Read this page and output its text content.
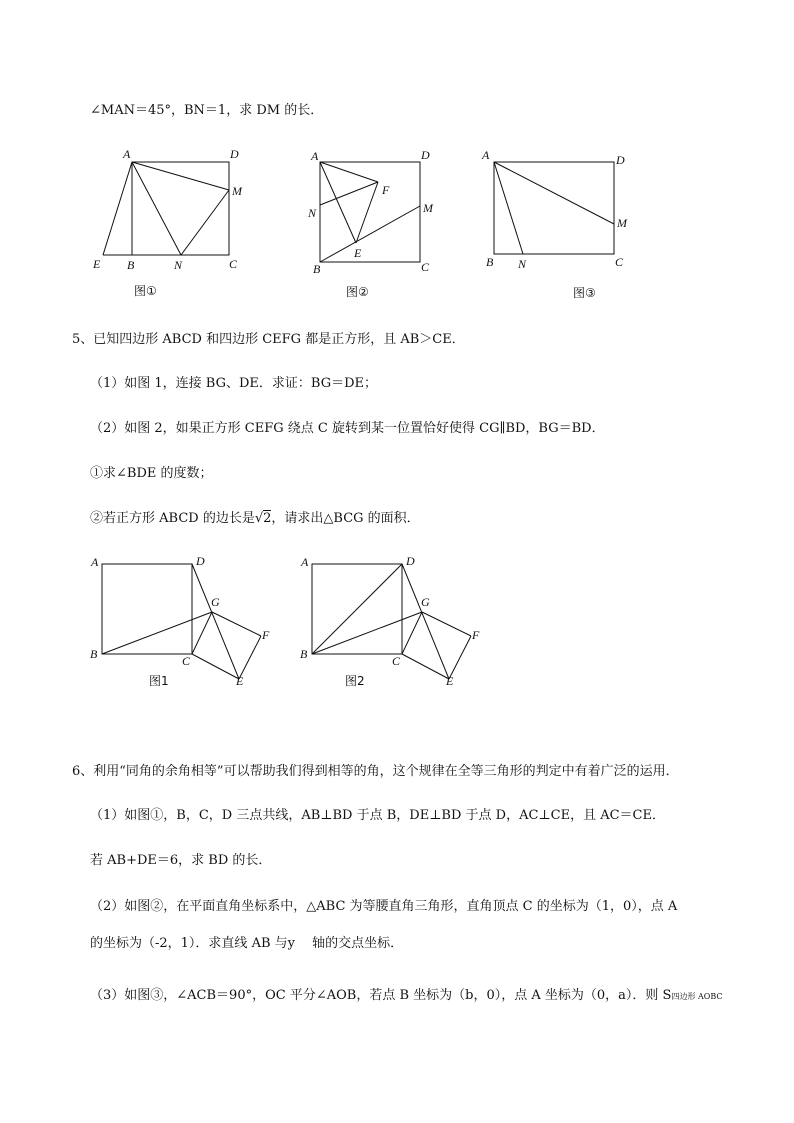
∠MAN＝45°，BN＝1，求 DM 的长．
A	D
M
E B	N	C
图①
A	D
F
M
N
E
B	C
图②
A	D
M
B N	C
图③
5、已知四边形 ABCD 和四边形 CEFG 都是正方形，且 AB＞CE．
（1）如图 1，连接 BG、DE．求证：BG＝DE；
（2）如图 2，如果正方形 CEFG 绕点 C 旋转到某一位置恰好使得 CG∥BD，BG＝BD．
①求∠BDE 的度数；
②若正方形 ABCD 的边长是√2，请求出△BCG 的面积．
A	D
G
F
B	C
E
图1
A	D
G
F
B	C
E
图2
6、利用“同角的余角相等”可以帮助我们得到相等的角，这个规律在全等三角形的判定中有着广泛的运用．
（1）如图①，B，C，D 三点共线，AB⊥BD 于点 B，DE⊥BD 于点 D，AC⊥CE，且 AC＝CE．
若 AB+DE＝6，求 BD 的长．
（2）如图②，在平面直角坐标系中，△ABC 为等腰直角三角形，直角顶点 C 的坐标为（1，0），点 A
的坐标为（-2，1）．求直线 AB 与y　 轴的交点坐标．
（3）如图③，∠ACB＝90°，OC 平分∠AOB，若点 B 坐标为（b，0），点 A 坐标为（0，a）．则 S四边形 AOBC
